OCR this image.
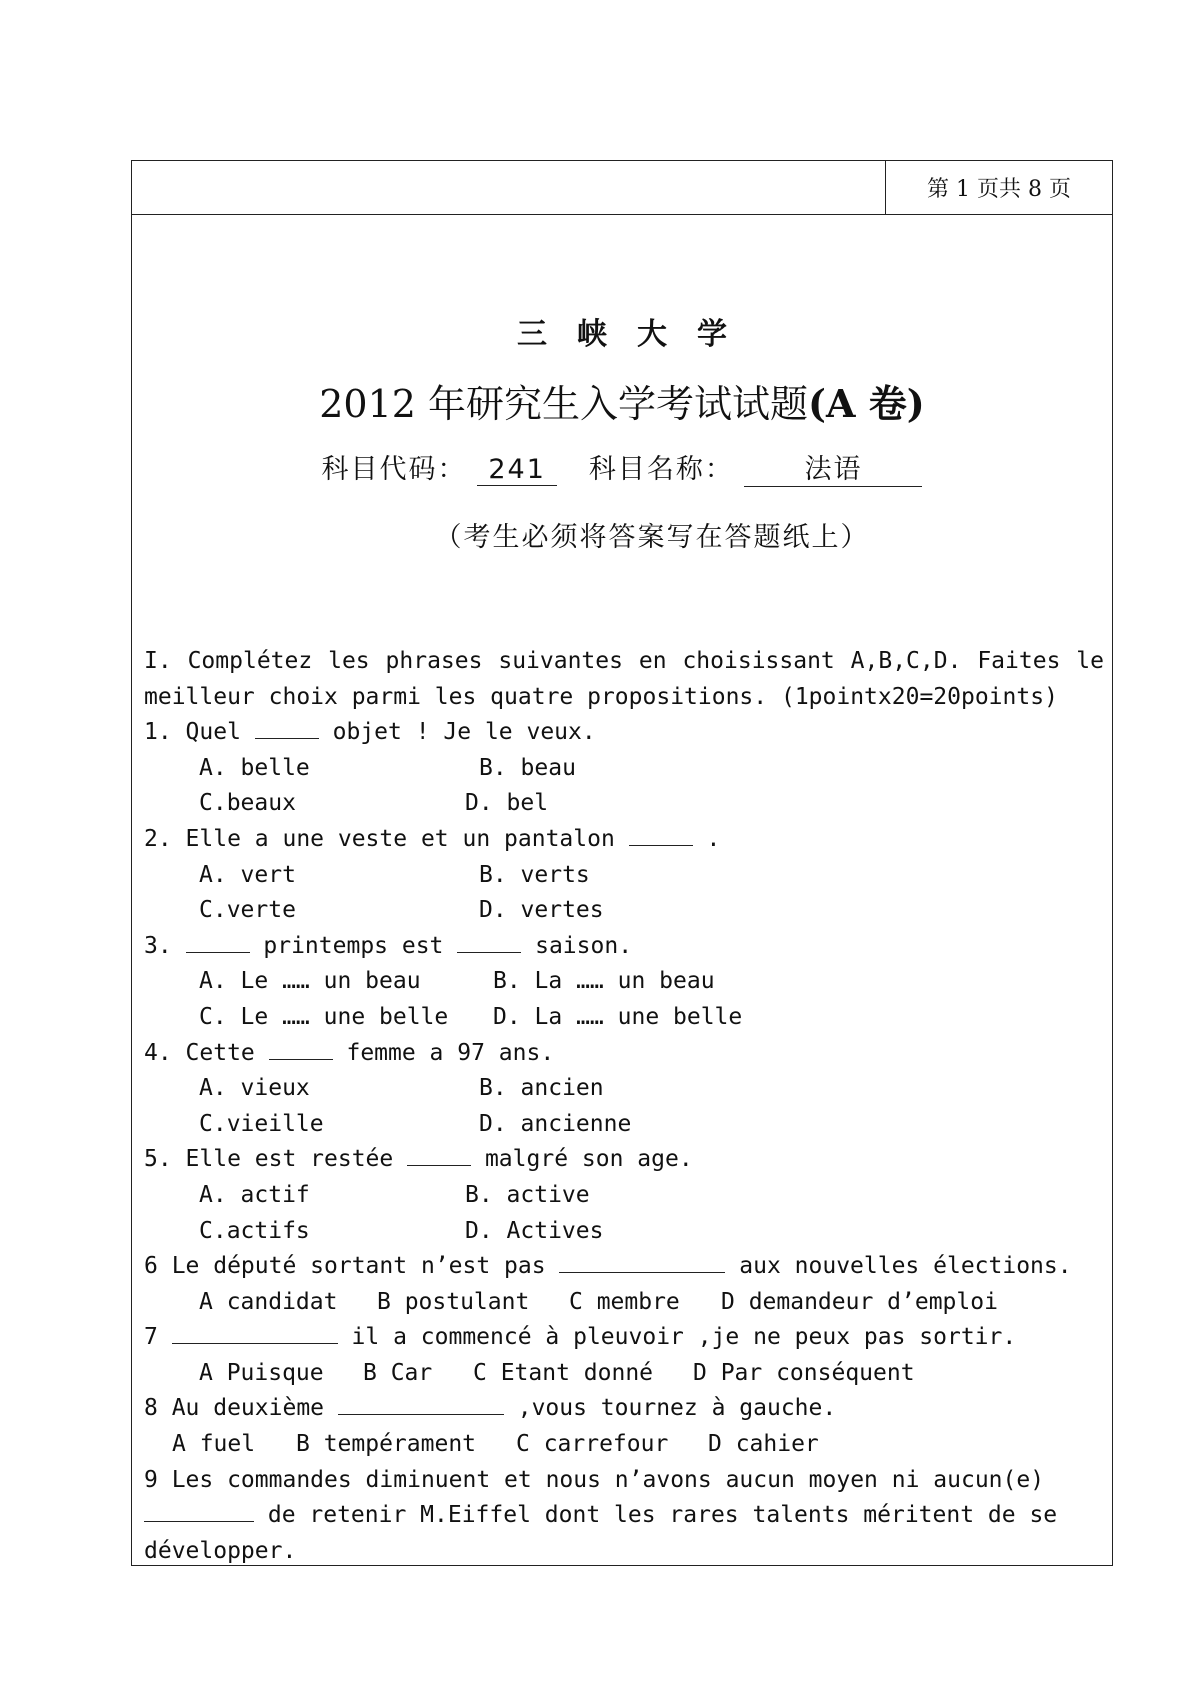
第 1 页共 8 页
三峡大学
2012 年研究生入学考试试题(A 卷)
科目代码： 241 科目名称：	法语
（考生必须将答案写在答题纸上）
I. Complétez les phrases suivantes en choisissant A,B,C,D. Faites le
meilleur choix parmi les quatre propositions. (1pointx20=20points)
1. Quel	objet ! Je le veux.
A. belle	B. beau
C.beaux	D. bel
2. Elle a une veste et un pantalon	.
A. vert	B. verts
C.verte	D. vertes
3.	printemps est	saison.
A. Le …… un beau	B. La …… un beau
C. Le …… une belle D. La …… une belle
4. Cette	femme a 97 ans.
A. vieux	B. ancien
C.vieille	D. ancienne
5. Elle est restée	malgré son age.
A. actif	B. active
C.actifs	D. Actives
6 Le député sortant n’est pas	aux nouvelles élections.
A candidat B postulant C membre D demandeur d’emploi
7	il a commencé à pleuvoir ,je ne peux pas sortir.
A Puisque B Car C Etant donné D Par conséquent
8 Au deuxième	,vous tournez à gauche.
A fuel B tempérament C carrefour D cahier
9 Les commandes diminuent et nous n’avons aucun moyen ni aucun(e)
de retenir M.Eiffel dont les rares talents méritent de se
développer.
